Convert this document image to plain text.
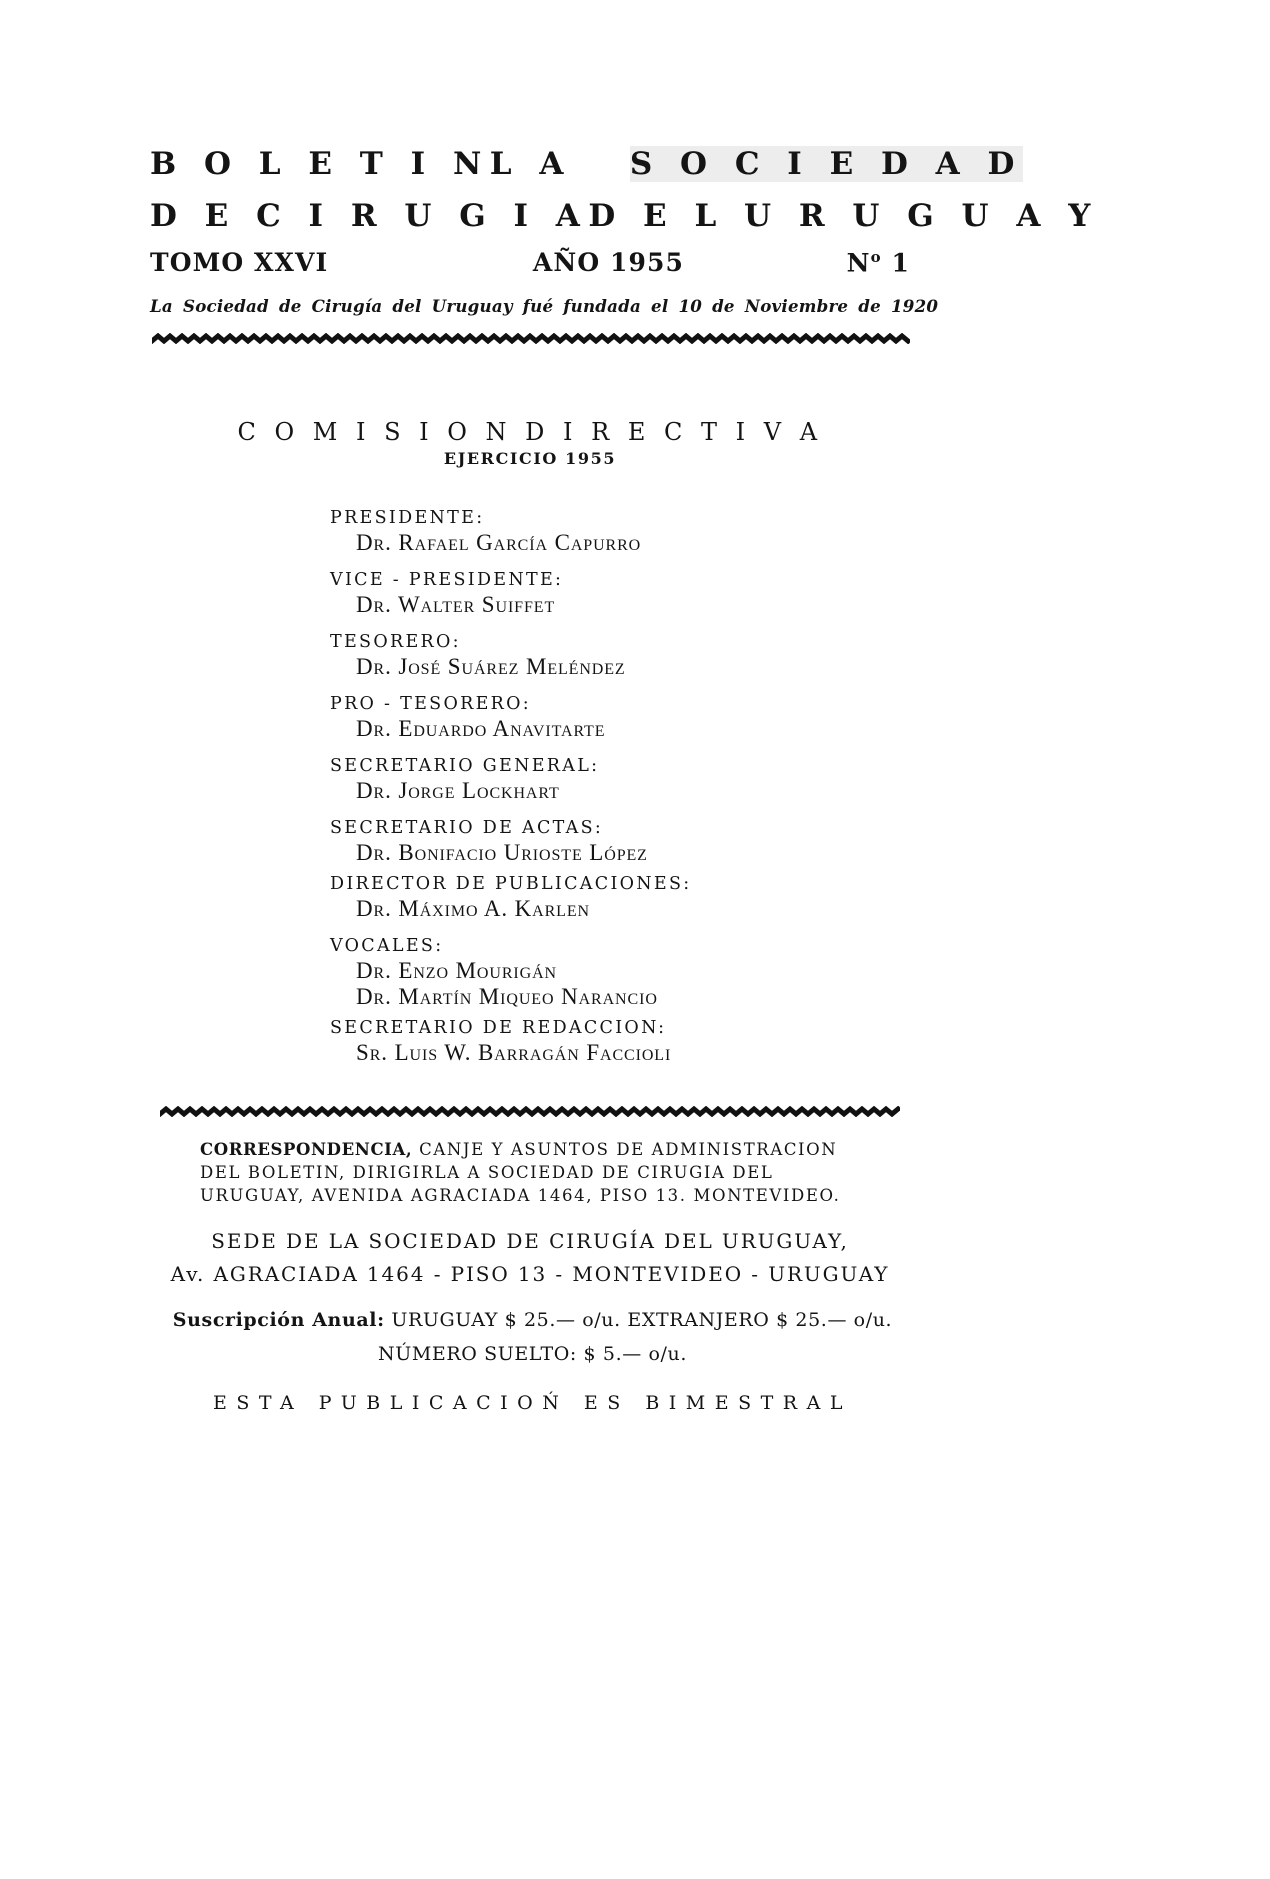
B O L E T I N L A S O C I E D A D
D E C I R U G I A D E L U R U G U A Y
TOMO XXVI	AÑO 1955	$N^o$ 1
La Sociedad de Cirugía del Uruguay fué fundada el 10 de Noviembre de 1920
C O M I S I O N D I R E C T I V A
EJERCICIO 1955
PRESIDENTE:
Dr. Rafael García Capurro
VICE - PRESIDENTE:
Dr. Walter Suiffet
TESORERO:
Dr. José Suárez Meléndez
PRO - TESORERO:
Dr. Eduardo Anavitarte
SECRETARIO GENERAL:
Dr. Jorge Lockhart
SECRETARIO DE ACTAS:
Dr. Bonifacio Urioste López
DIRECTOR DE PUBLICACIONES:
Dr. Máximo A. Karlen
VOCALES:
Dr. Enzo Mourigán
Dr. Martín Miqueo Narancio
SECRETARIO DE REDACCION:
Sr. Luis W. Barragán Faccioli
CORRESPONDENCIA, CANJE Y ASUNTOS DE ADMINISTRACION
DEL BOLETIN, DIRIGIRLA A SOCIEDAD DE CIRUGIA DEL
URUGUAY, AVENIDA AGRACIADA 1464, PISO 13. MONTEVIDEO.
SEDE DE LA SOCIEDAD DE CIRUGÍA DEL URUGUAY,
Av. AGRACIADA 1464 - PISO 13 - MONTEVIDEO - URUGUAY
Suscripción Anual: URUGUAY $ 25.— o/u. EXTRANJERO $ 25.— o/u.
NÚMERO SUELTO: $ 5.— o/u.
ESTA PUBLICACIOŃ ES BIMESTRAL
